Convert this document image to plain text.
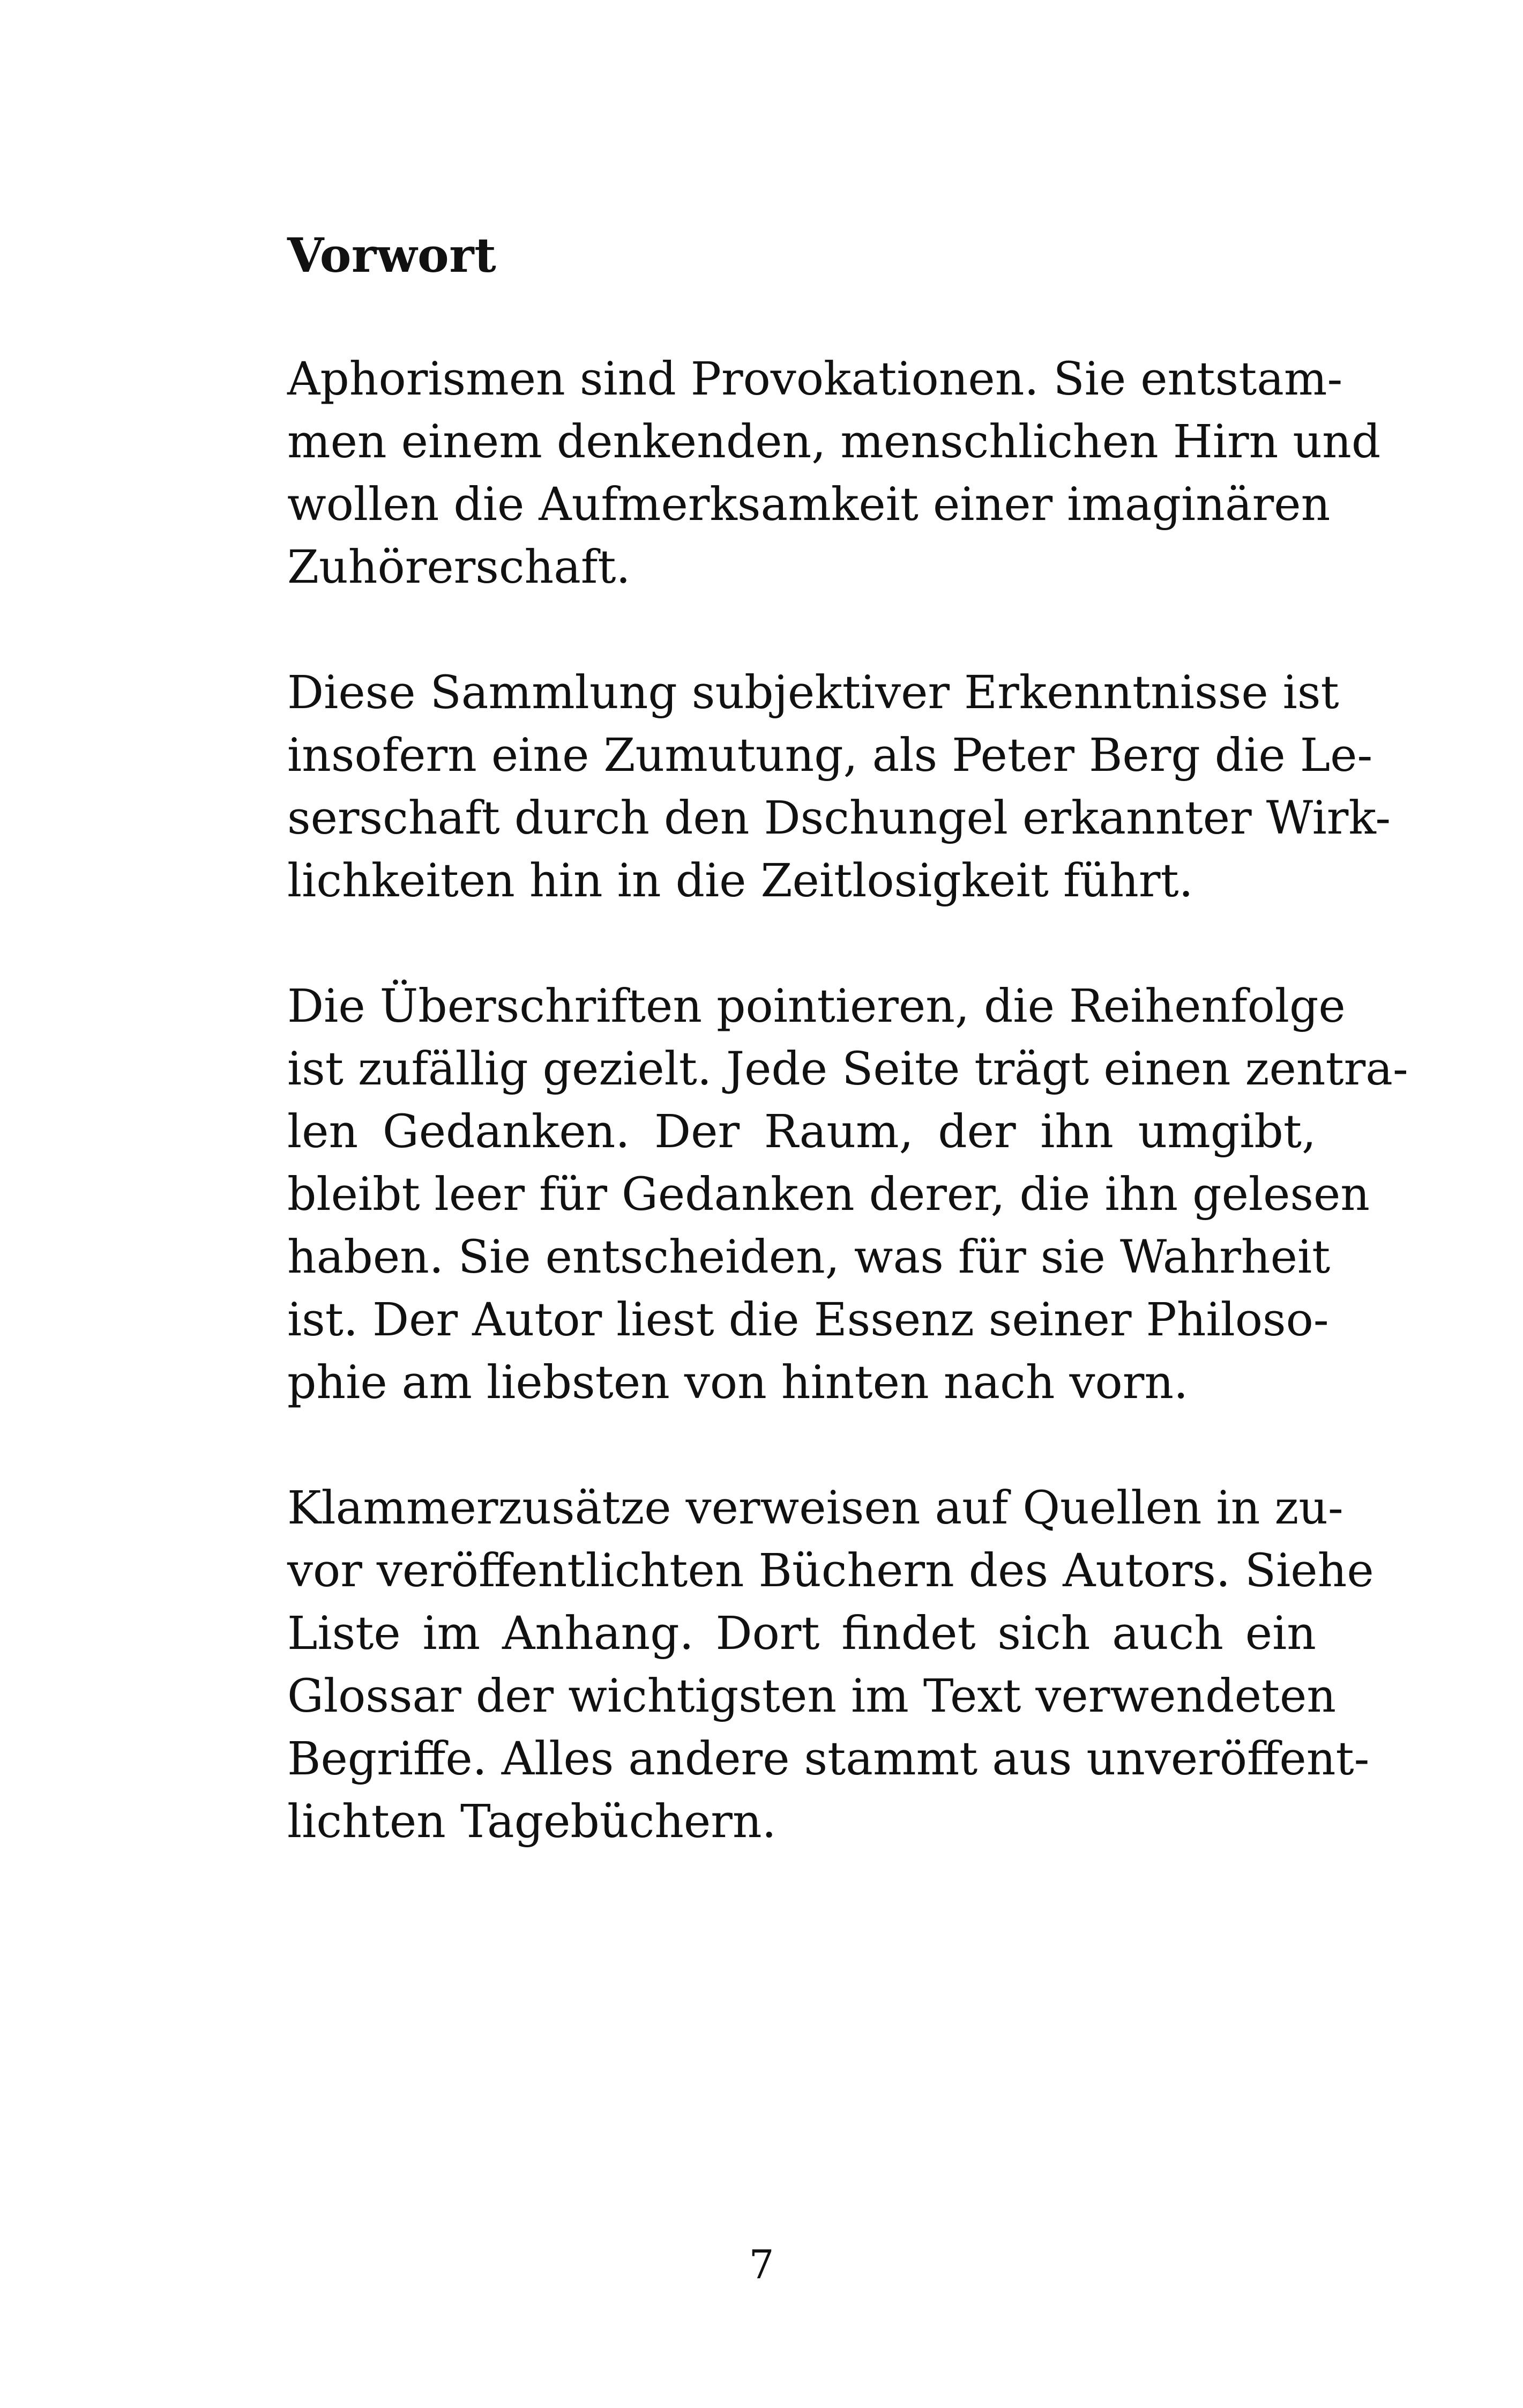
Vorwort

Aphorismen sind Provokationen. Sie entstam-
men einem denkenden, menschlichen Hirn und
wollen die Aufmerksamkeit einer imaginären
Zuhörerschaft.

Diese Sammlung subjektiver Erkenntnisse ist
insofern eine Zumutung, als Peter Berg die Le-
serschaft durch den Dschungel erkannter Wirk-
lichkeiten hin in die Zeitlosigkeit führt.

Die Überschriften pointieren, die Reihenfolge
ist zufällig gezielt. Jede Seite trägt einen zentra-
len Gedanken. Der Raum, der ihn umgibt,
bleibt leer für Gedanken derer, die ihn gelesen
haben. Sie entscheiden, was für sie Wahrheit
ist. Der Autor liest die Essenz seiner Philoso-
phie am liebsten von hinten nach vorn.

Klammerzusätze verweisen auf Quellen in zu-
vor veröffentlichten Büchern des Autors. Siehe
Liste im Anhang. Dort findet sich auch ein
Glossar der wichtigsten im Text verwendeten
Begriffe. Alles andere stammt aus unveröffent-
lichten Tagebüchern.

7
